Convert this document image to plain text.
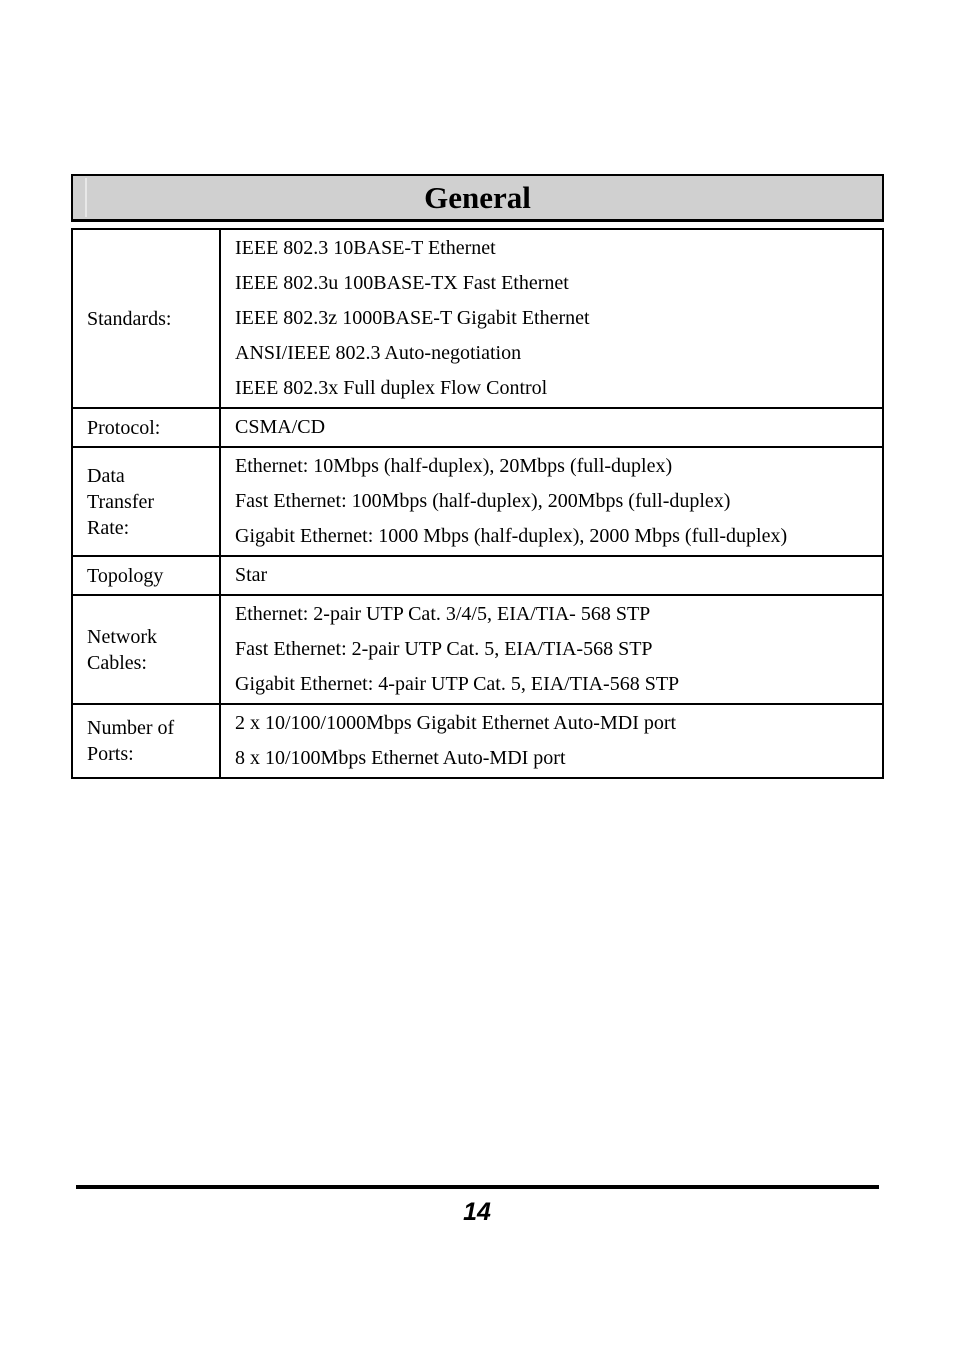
General
Standards:	IEEE 802.3 10BASE-T Ethernet
IEEE 802.3u 100BASE-TX Fast Ethernet
IEEE 802.3z 1000BASE-T Gigabit Ethernet
ANSI/IEEE 802.3 Auto-negotiation
IEEE 802.3x Full duplex Flow Control

Protocol:	CSMA/CD

Data
Transfer
Rate:	Ethernet: 10Mbps (half-duplex), 20Mbps (full-duplex)
Fast Ethernet: 100Mbps (half-duplex), 200Mbps (full-duplex)
Gigabit Ethernet: 1000 Mbps (half-duplex), 2000 Mbps (full-duplex)

Topology	Star

Network
Cables:	Ethernet: 2-pair UTP Cat. 3/4/5, EIA/TIA- 568 STP
Fast Ethernet: 2-pair UTP Cat. 5, EIA/TIA-568 STP
Gigabit Ethernet: 4-pair UTP Cat. 5, EIA/TIA-568 STP

Number of
Ports:	2 x 10/100/1000Mbps Gigabit Ethernet Auto-MDI port
8 x 10/100Mbps Ethernet Auto-MDI port
14
